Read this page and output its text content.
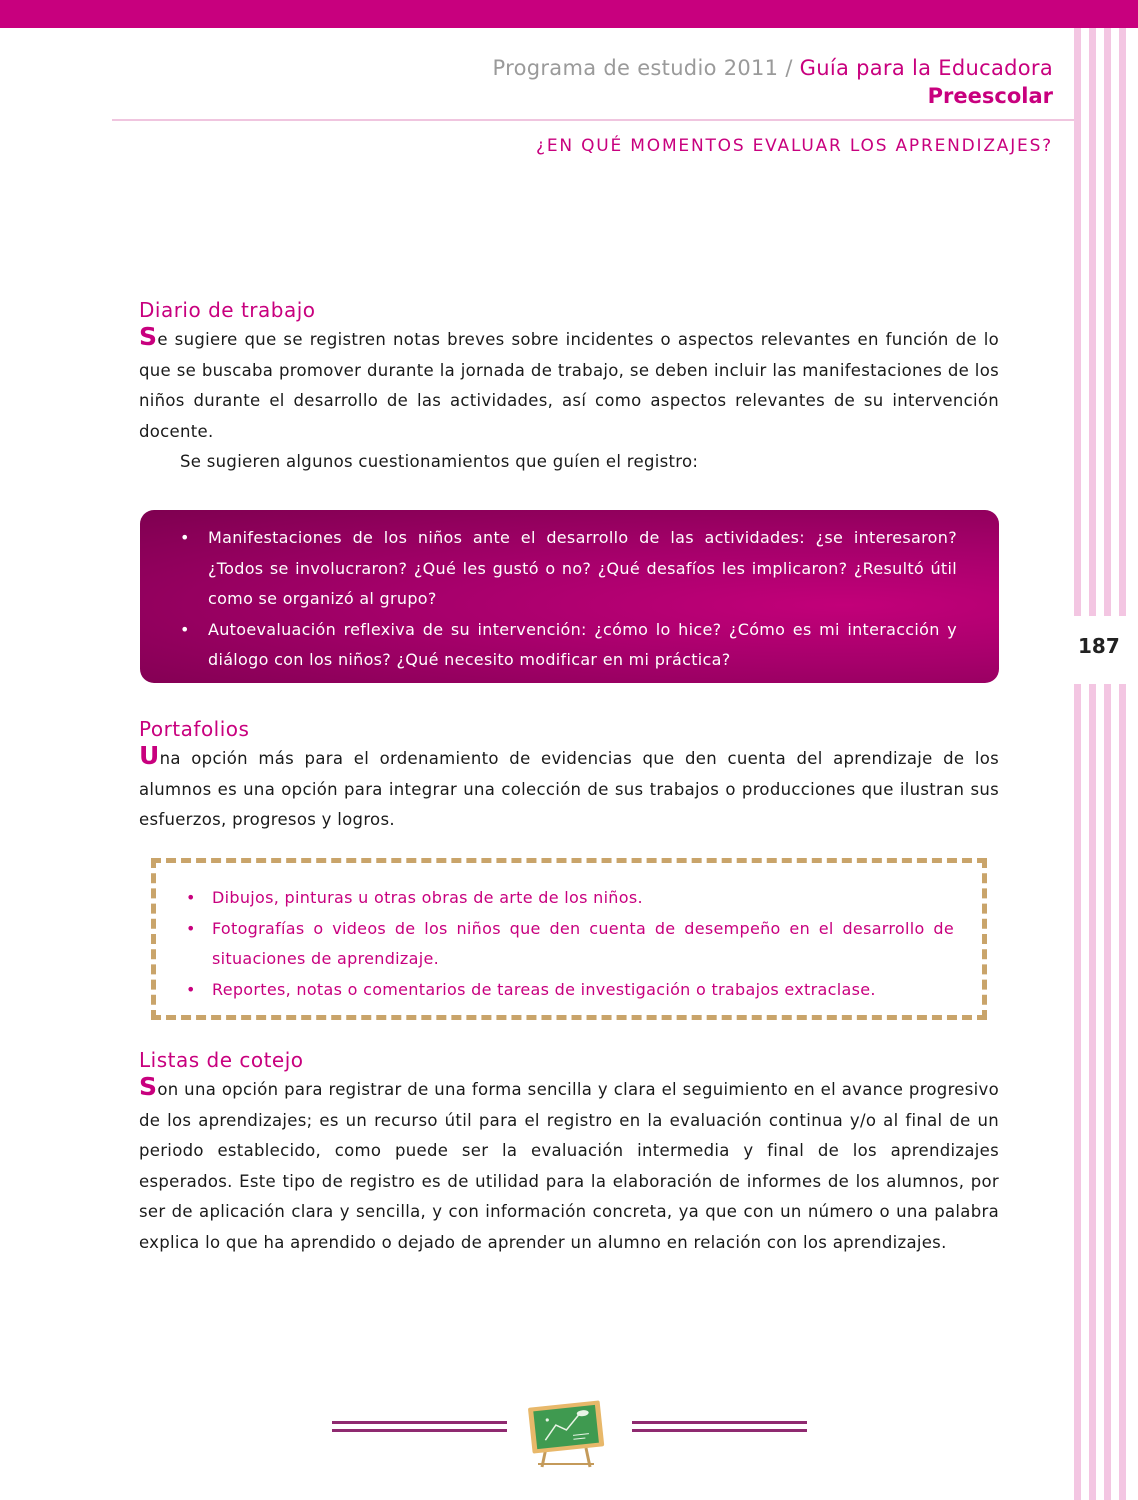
Programa de estudio 2011 / Guía para la Educadora
Preescolar
¿EN QUÉ MOMENTOS EVALUAR LOS APRENDIZAJES?
187
Diario de trabajo

Se sugiere que se registren notas breves sobre incidentes o aspectos relevantes en función de lo que se buscaba promover durante la jornada de trabajo, se deben incluir las manifestaciones de los niños durante el desarrollo de las actividades, así como aspectos relevantes de su intervención docente.

Se sugieren algunos cuestionamientos que guíen el registro:

• Manifestaciones de los niños ante el desarrollo de las actividades: ¿se interesaron? ¿Todos se involucraron? ¿Qué les gustó o no? ¿Qué desafíos les implicaron? ¿Resultó útil como se organizó al grupo?
• Autoevaluación reflexiva de su intervención: ¿cómo lo hice? ¿Cómo es mi interacción y diálogo con los niños? ¿Qué necesito modificar en mi práctica?
Portafolios

Una opción más para el ordenamiento de evidencias que den cuenta del aprendizaje de los alumnos es una opción para integrar una colección de sus trabajos o producciones que ilustran sus esfuerzos, progresos y logros.

• Dibujos, pinturas u otras obras de arte de los niños.
• Fotografías o videos de los niños que den cuenta de desempeño en el desarrollo de situaciones de aprendizaje.
• Reportes, notas o comentarios de tareas de investigación o trabajos extraclase.
Listas de cotejo

Son una opción para registrar de una forma sencilla y clara el seguimiento en el avance progresivo de los aprendizajes; es un recurso útil para el registro en la evaluación continua y/o al final de un periodo establecido, como puede ser la evaluación intermedia y final de los aprendizajes esperados. Este tipo de registro es de utilidad para la elaboración de informes de los alumnos, por ser de aplicación clara y sencilla, y con información concreta, ya que con un número o una palabra explica lo que ha aprendido o dejado de aprender un alumno en relación con los aprendizajes.
